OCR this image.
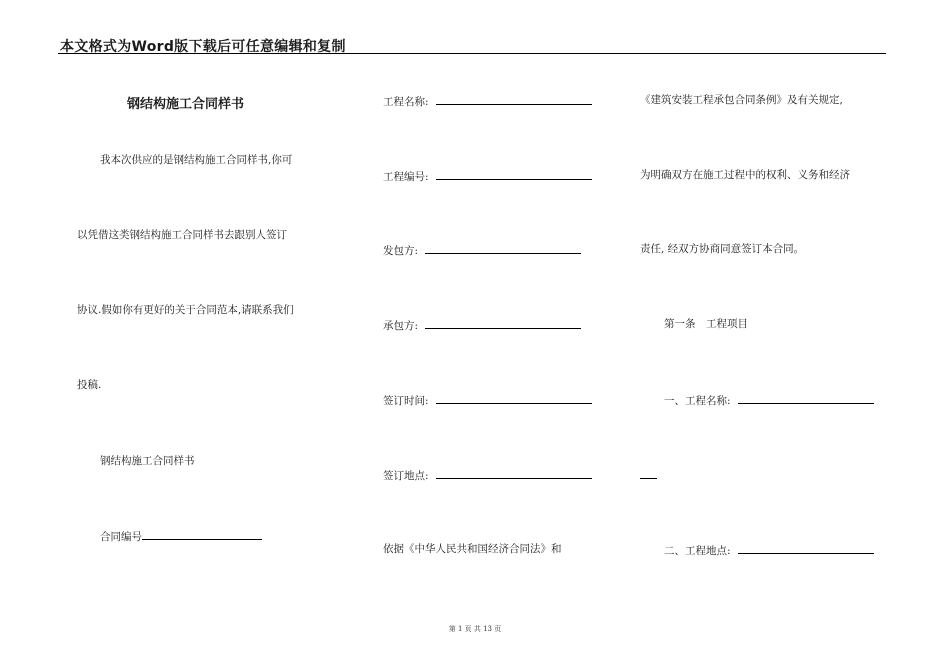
本文格式为Word版下载后可任意编辑和复制
钢结构施工合同样书
我本次供应的是钢结构施工合同样书,你可
以凭借这类钢结构施工合同样书去跟别人签订
协议.假如你有更好的关于合同范本,请联系我们
投稿.
钢结构施工合同样书
合同编号
工程名称:
工程编号:
发包方:
承包方:
签订时间:
签订地点:
依据《中华人民共和国经济合同法》和
《建筑安装工程承包合同条例》及有关规定,
为明确双方在施工过程中的权利、义务和经济
责任, 经双方协商同意签订本合同。
第一条　工程项目
一、工程名称:
二、工程地点:
第 1 页 共 13 页
